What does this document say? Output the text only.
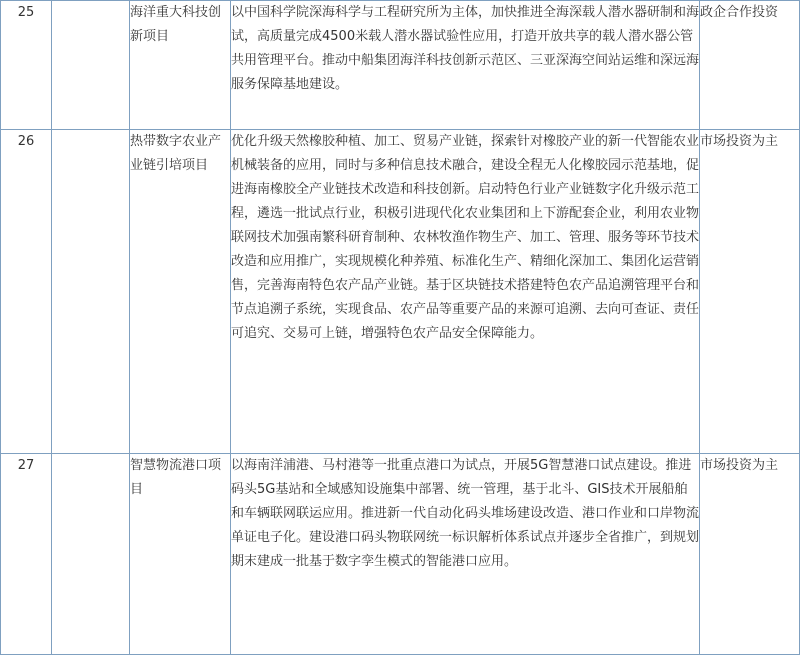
25		海洋重大科技创新项目	以中国科学院深海科学与工程研究所为主体，加快推进全海深载人潜水器研制和海试，高质量完成4500米载人潜水器试验性应用，打造开放共享的载人潜水器公管共用管理平台。推动中船集团海洋科技创新示范区、三亚深海空间站运维和深远海服务保障基地建设。	政企合作投资

26		热带数字农业产业链引培项目	优化升级天然橡胶种植、加工、贸易产业链，探索针对橡胶产业的新一代智能农业机械装备的应用，同时与多种信息技术融合，建设全程无人化橡胶园示范基地，促进海南橡胶全产业链技术改造和科技创新。启动特色行业产业链数字化升级示范工程，遴选一批试点行业，积极引进现代化农业集团和上下游配套企业，利用农业物联网技术加强南繁科研育制种、农林牧渔作物生产、加工、管理、服务等环节技术改造和应用推广，实现规模化种养殖、标准化生产、精细化深加工、集团化运营销售，完善海南特色农产品产业链。基于区块链技术搭建特色农产品追溯管理平台和节点追溯子系统，实现食品、农产品等重要产品的来源可追溯、去向可查证、责任可追究、交易可上链，增强特色农产品安全保障能力。	市场投资为主

27		智慧物流港口项目	以海南洋浦港、马村港等一批重点港口为试点，开展5G智慧港口试点建设。推进码头5G基站和全域感知设施集中部署、统一管理，基于北斗、GIS技术开展船舶和车辆联网联运应用。推进新一代自动化码头堆场建设改造、港口作业和口岸物流单证电子化。建设港口码头物联网统一标识解析体系试点并逐步全省推广，到规划期末建成一批基于数字孪生模式的智能港口应用。	市场投资为主
